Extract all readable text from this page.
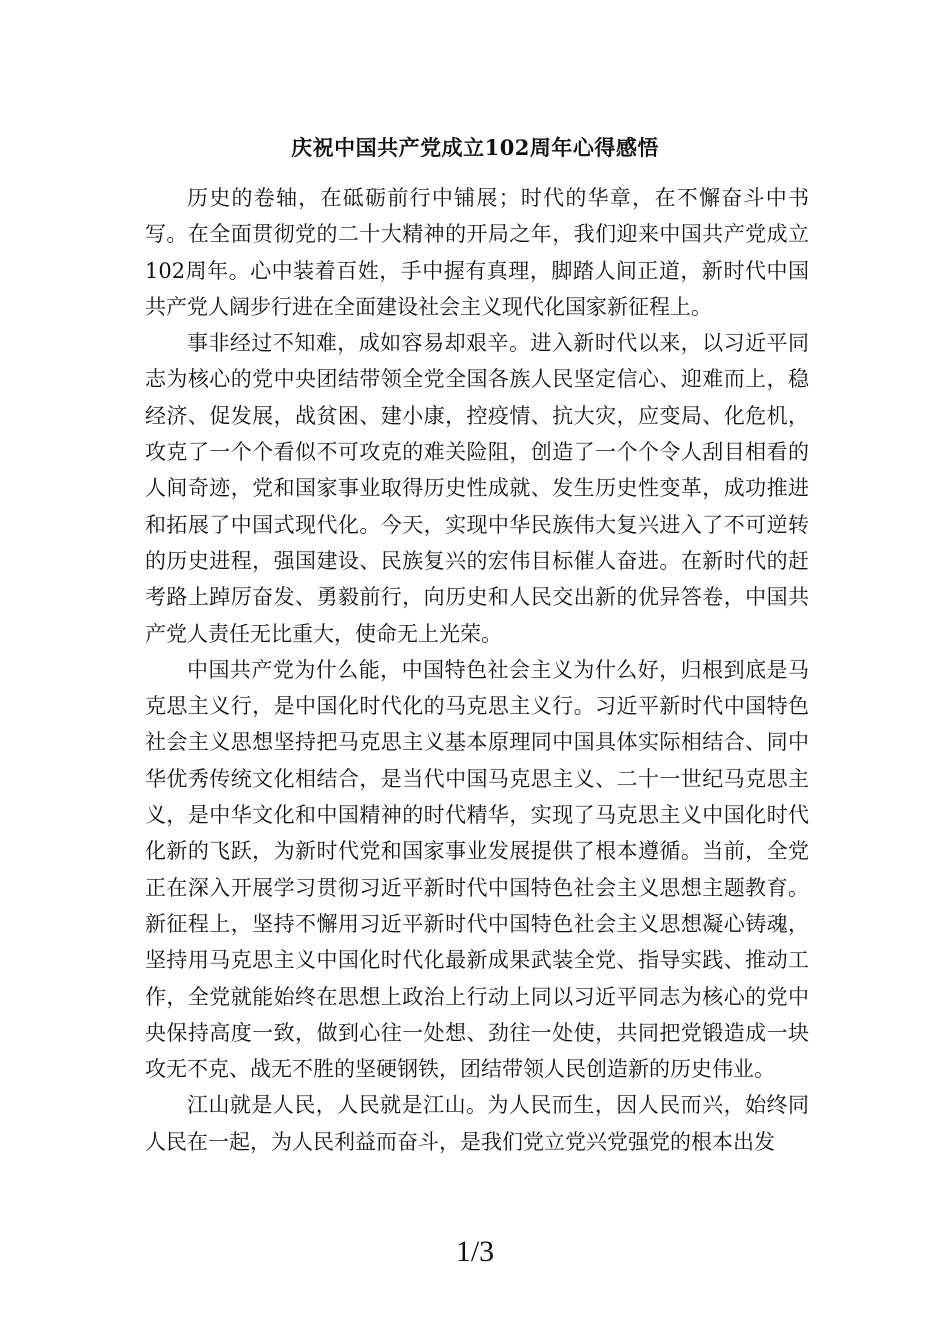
庆祝中国共产党成立102周年心得感悟

历史的卷轴，在砥砺前行中铺展；时代的华章，在不懈奋斗中书写。在全面贯彻党的二十大精神的开局之年，我们迎来中国共产党成立102周年。心中装着百姓，手中握有真理，脚踏人间正道，新时代中国共产党人阔步行进在全面建设社会主义现代化国家新征程上。

事非经过不知难，成如容易却艰辛。进入新时代以来，以习近平同志为核心的党中央团结带领全党全国各族人民坚定信心、迎难而上，稳经济、促发展，战贫困、建小康，控疫情、抗大灾，应变局、化危机，攻克了一个个看似不可攻克的难关险阻，创造了一个个令人刮目相看的人间奇迹，党和国家事业取得历史性成就、发生历史性变革，成功推进和拓展了中国式现代化。今天，实现中华民族伟大复兴进入了不可逆转的历史进程，强国建设、民族复兴的宏伟目标催人奋进。在新时代的赶考路上踔厉奋发、勇毅前行，向历史和人民交出新的优异答卷，中国共产党人责任无比重大，使命无上光荣。

中国共产党为什么能，中国特色社会主义为什么好，归根到底是马克思主义行，是中国化时代化的马克思主义行。习近平新时代中国特色社会主义思想坚持把马克思主义基本原理同中国具体实际相结合、同中华优秀传统文化相结合，是当代中国马克思主义、二十一世纪马克思主义，是中华文化和中国精神的时代精华，实现了马克思主义中国化时代化新的飞跃，为新时代党和国家事业发展提供了根本遵循。当前，全党正在深入开展学习贯彻习近平新时代中国特色社会主义思想主题教育。新征程上，坚持不懈用习近平新时代中国特色社会主义思想凝心铸魂，坚持用马克思主义中国化时代化最新成果武装全党、指导实践、推动工作，全党就能始终在思想上政治上行动上同以习近平同志为核心的党中央保持高度一致，做到心往一处想、劲往一处使，共同把党锻造成一块攻无不克、战无不胜的坚硬钢铁，团结带领人民创造新的历史伟业。

江山就是人民，人民就是江山。为人民而生，因人民而兴，始终同人民在一起，为人民利益而奋斗，是我们党立党兴党强党的根本出发

1/3
